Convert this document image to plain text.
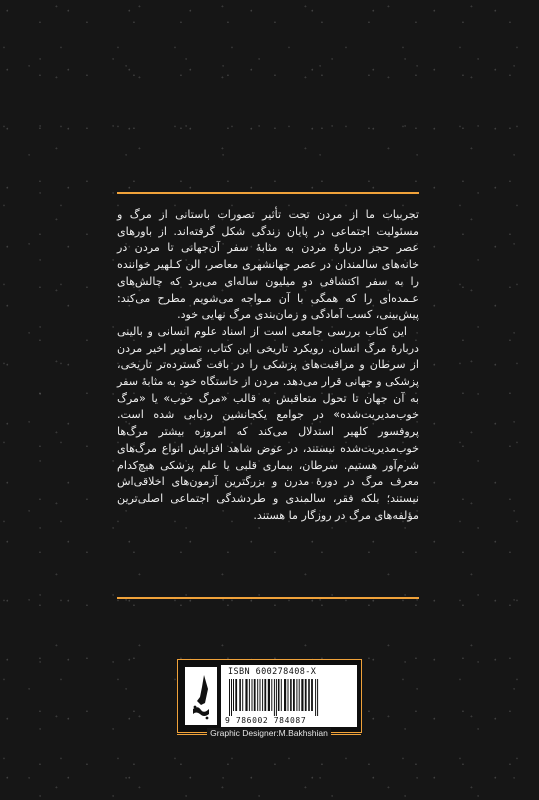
تجربیات ما از مردن تحت تأثیر تصورات باستانی از مرگ و مسئولیت اجتماعی در پایان زندگی شکل گرفته‌اند. از باورهای عصر حجر دربارهٔ مردن به مثابهٔ سفر آن‌جهانی تا مردن در خانه‌های سالمندان در عصر جهانشهری معاصر، الن کـلهیر خواننده را به سفر اکتشافی دو میلیون ساله‌ای می‌برد که چالش‌های عـمده‌ای را که همگی با آن مـواجه می‌شویم مطرح می‌کند: پیش‌بینی، کسب آمادگی و زمان‌بندی مرگ نهایی خود.

این کتاب بررسی جامعی است از اسناد علوم انسانی و بالینی دربارهٔ مرگ انسان. رویکرد تاریخی این کتاب، تصاویر اخیر مردن از سرطان و مراقبت‌های پزشکی را در بافت گسترده‌تر تاریخی، پزشکی و جهانی قرار می‌دهد. مردن از خاستگاه خود به مثابهٔ سفر به آن جهان تا تحول متعاقبش به قالب «مرگ خوب» یا «مرگ خوب‌مدیریت‌شده» در جوامع یکجانشین ردیابی شده است. پروفسور کلهیر استدلال می‌کند که امروزه بیشتر مرگ‌ها خوب‌مدیریت‌شده نیستند، در عوض شاهد افزایش انواع مرگ‌های شرم‌آور هستیم. سرطان، بیماری قلبی یا علم پزشکی هیچ‌کدام معرف مرگ در دورهٔ مدرن و بزرگترین آزمون‌های اخلاقی‌اش نیستند؛ بلکه فقر، سالمندی و طردشدگی اجتماعی اصلی‌ترین مؤلفه‌های مرگ در روزگار ما هستند.

ISBN 600278408-X
9 786002 784087
Graphic Designer:M.Bakhshian
